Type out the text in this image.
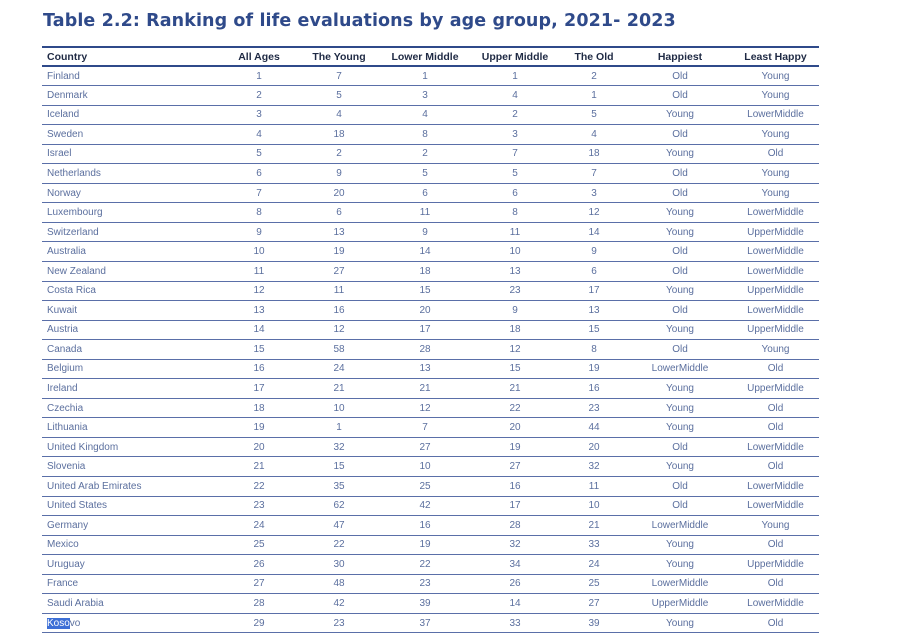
Table 2.2: Ranking of life evaluations by age group, 2021- 2023
Country	All Ages	The Young	Lower Middle	Upper Middle	The Old	Happiest	Least Happy
Finland	1	7	1	1	2	Old	Young
Denmark	2	5	3	4	1	Old	Young
Iceland	3	4	4	2	5	Young	LowerMiddle
Sweden	4	18	8	3	4	Old	Young
Israel	5	2	2	7	18	Young	Old
Netherlands	6	9	5	5	7	Old	Young
Norway	7	20	6	6	3	Old	Young
Luxembourg	8	6	11	8	12	Young	LowerMiddle
Switzerland	9	13	9	11	14	Young	UpperMiddle
Australia	10	19	14	10	9	Old	LowerMiddle
New Zealand	11	27	18	13	6	Old	LowerMiddle
Costa Rica	12	11	15	23	17	Young	UpperMiddle
Kuwait	13	16	20	9	13	Old	LowerMiddle
Austria	14	12	17	18	15	Young	UpperMiddle
Canada	15	58	28	12	8	Old	Young
Belgium	16	24	13	15	19	LowerMiddle	Old
Ireland	17	21	21	21	16	Young	UpperMiddle
Czechia	18	10	12	22	23	Young	Old
Lithuania	19	1	7	20	44	Young	Old
United Kingdom	20	32	27	19	20	Old	LowerMiddle
Slovenia	21	15	10	27	32	Young	Old
United Arab Emirates	22	35	25	16	11	Old	LowerMiddle
United States	23	62	42	17	10	Old	LowerMiddle
Germany	24	47	16	28	21	LowerMiddle	Young
Mexico	25	22	19	32	33	Young	Old
Uruguay	26	30	22	34	24	Young	UpperMiddle
France	27	48	23	26	25	LowerMiddle	Old
Saudi Arabia	28	42	39	14	27	UpperMiddle	LowerMiddle
Kosovo	29	23	37	33	39	Young	Old
